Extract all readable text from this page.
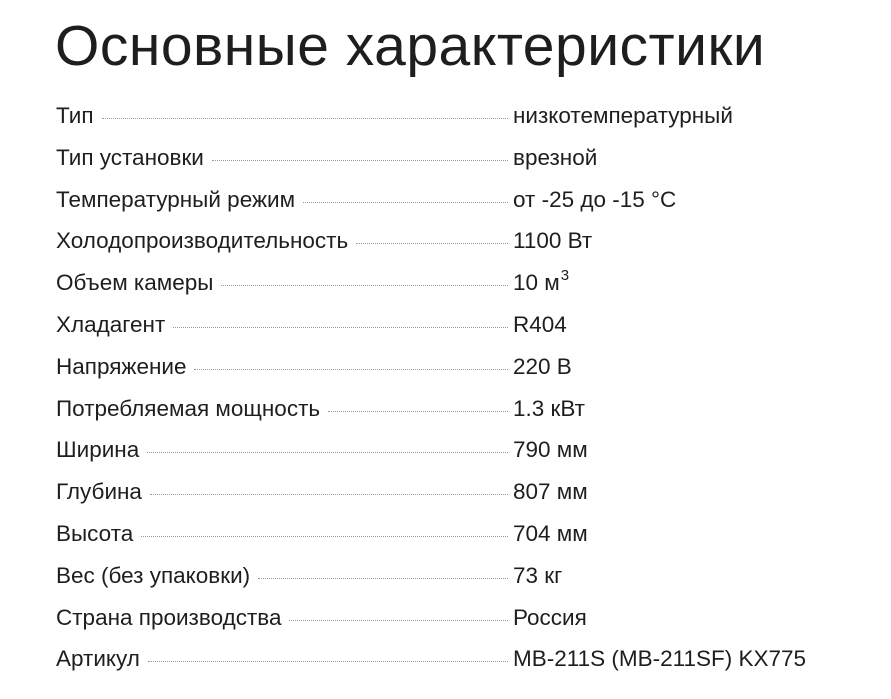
Основные характеристики
Тип	низкотемпературный
Тип установки	врезной
Температурный режим	от -25 до -15 °C
Холодопроизводительность	1100 Вт
Объем камеры	10 $м^3$
Хладагент	R404
Напряжение	220 В
Потребляемая мощность	1.3 кВт
Ширина	790 мм
Глубина	807 мм
Высота	704 мм
Вес (без упаковки)	73 кг
Страна производства	Россия
Артикул	MB-211S (MB-211SF) KX775
